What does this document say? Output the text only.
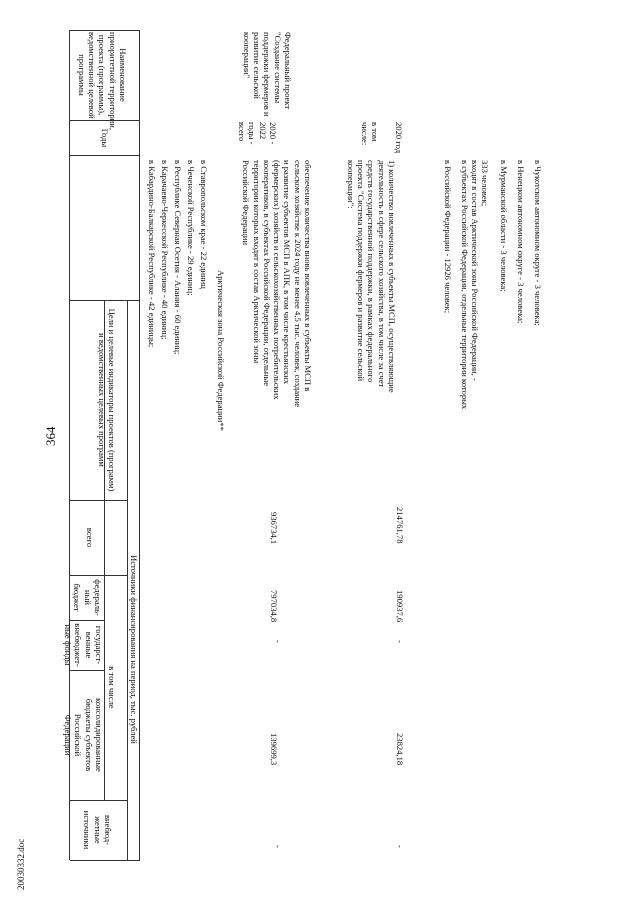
364
20030332.doc
Наименование
приоритетной территории,
проекта (программы),
ведомственной целевой
программы
Годы
Цели и целевые индикаторы проектов (программ)
и ведомственных целевых программ
Источники финансирования на период, тыс. рублей
всего
в том числе
федераль-
ный
бюджет
государст-
венные
внебюджет-
ные фонды
консолидированные
бюджеты субъектов
Российской
Федерации
внебюд-
жетные
источники
в Кабардино-Балкарской Республике - 42 единицы; в Карачаево-Черкесской Республике - 40 единиц; в Республике Северная Осетия - Алания - 60 единиц; в Чеченской Республике - 29 единиц; в Ставропольском крае - 22 единиц
Арктическая зона Российской Федерации**
Федеральный проект
"Создание системы
поддержки фермеров и
развитие сельской
кооперации"
2020 -
2022
годы -
всего	в том
числе:	2020 год
обеспечение количества вновь вовлеченных в субъекты МСП в
сельском хозяйстве к 2024 году не менее 4,5 тыс. человек, создание
и развитие субъектов МСП в АПК, в том числе крестьянских
(фермерских) хозяйств и сельскохозяйственных потребительских
кооперативов, в субъектах Российской Федерации, отдельные
территории которых входят в состав Арктической зоны
Российской Федерации
936734,1
797034,8
-
139699,3
-
1) количество вовлеченных в субъекты МСП, осуществляющие
деятельность в сфере сельского хозяйства, в том числе за счет
средств государственной поддержки, в рамках федерального
проекта "Система поддержки фермеров и развитие сельской
кооперации":
214761,78
190937,6
-
23824,18
-
в Российской Федерации - 12926 человек; в субъектах Российской Федерации, отдельные территории которых входят в состав Арктической зоны Российской Федерации, - 333 человек; в Мурманской области - 3 человека; в Ненецком автономном округе - 3 человека; в Чукотском автономном округе - 3 человека;
